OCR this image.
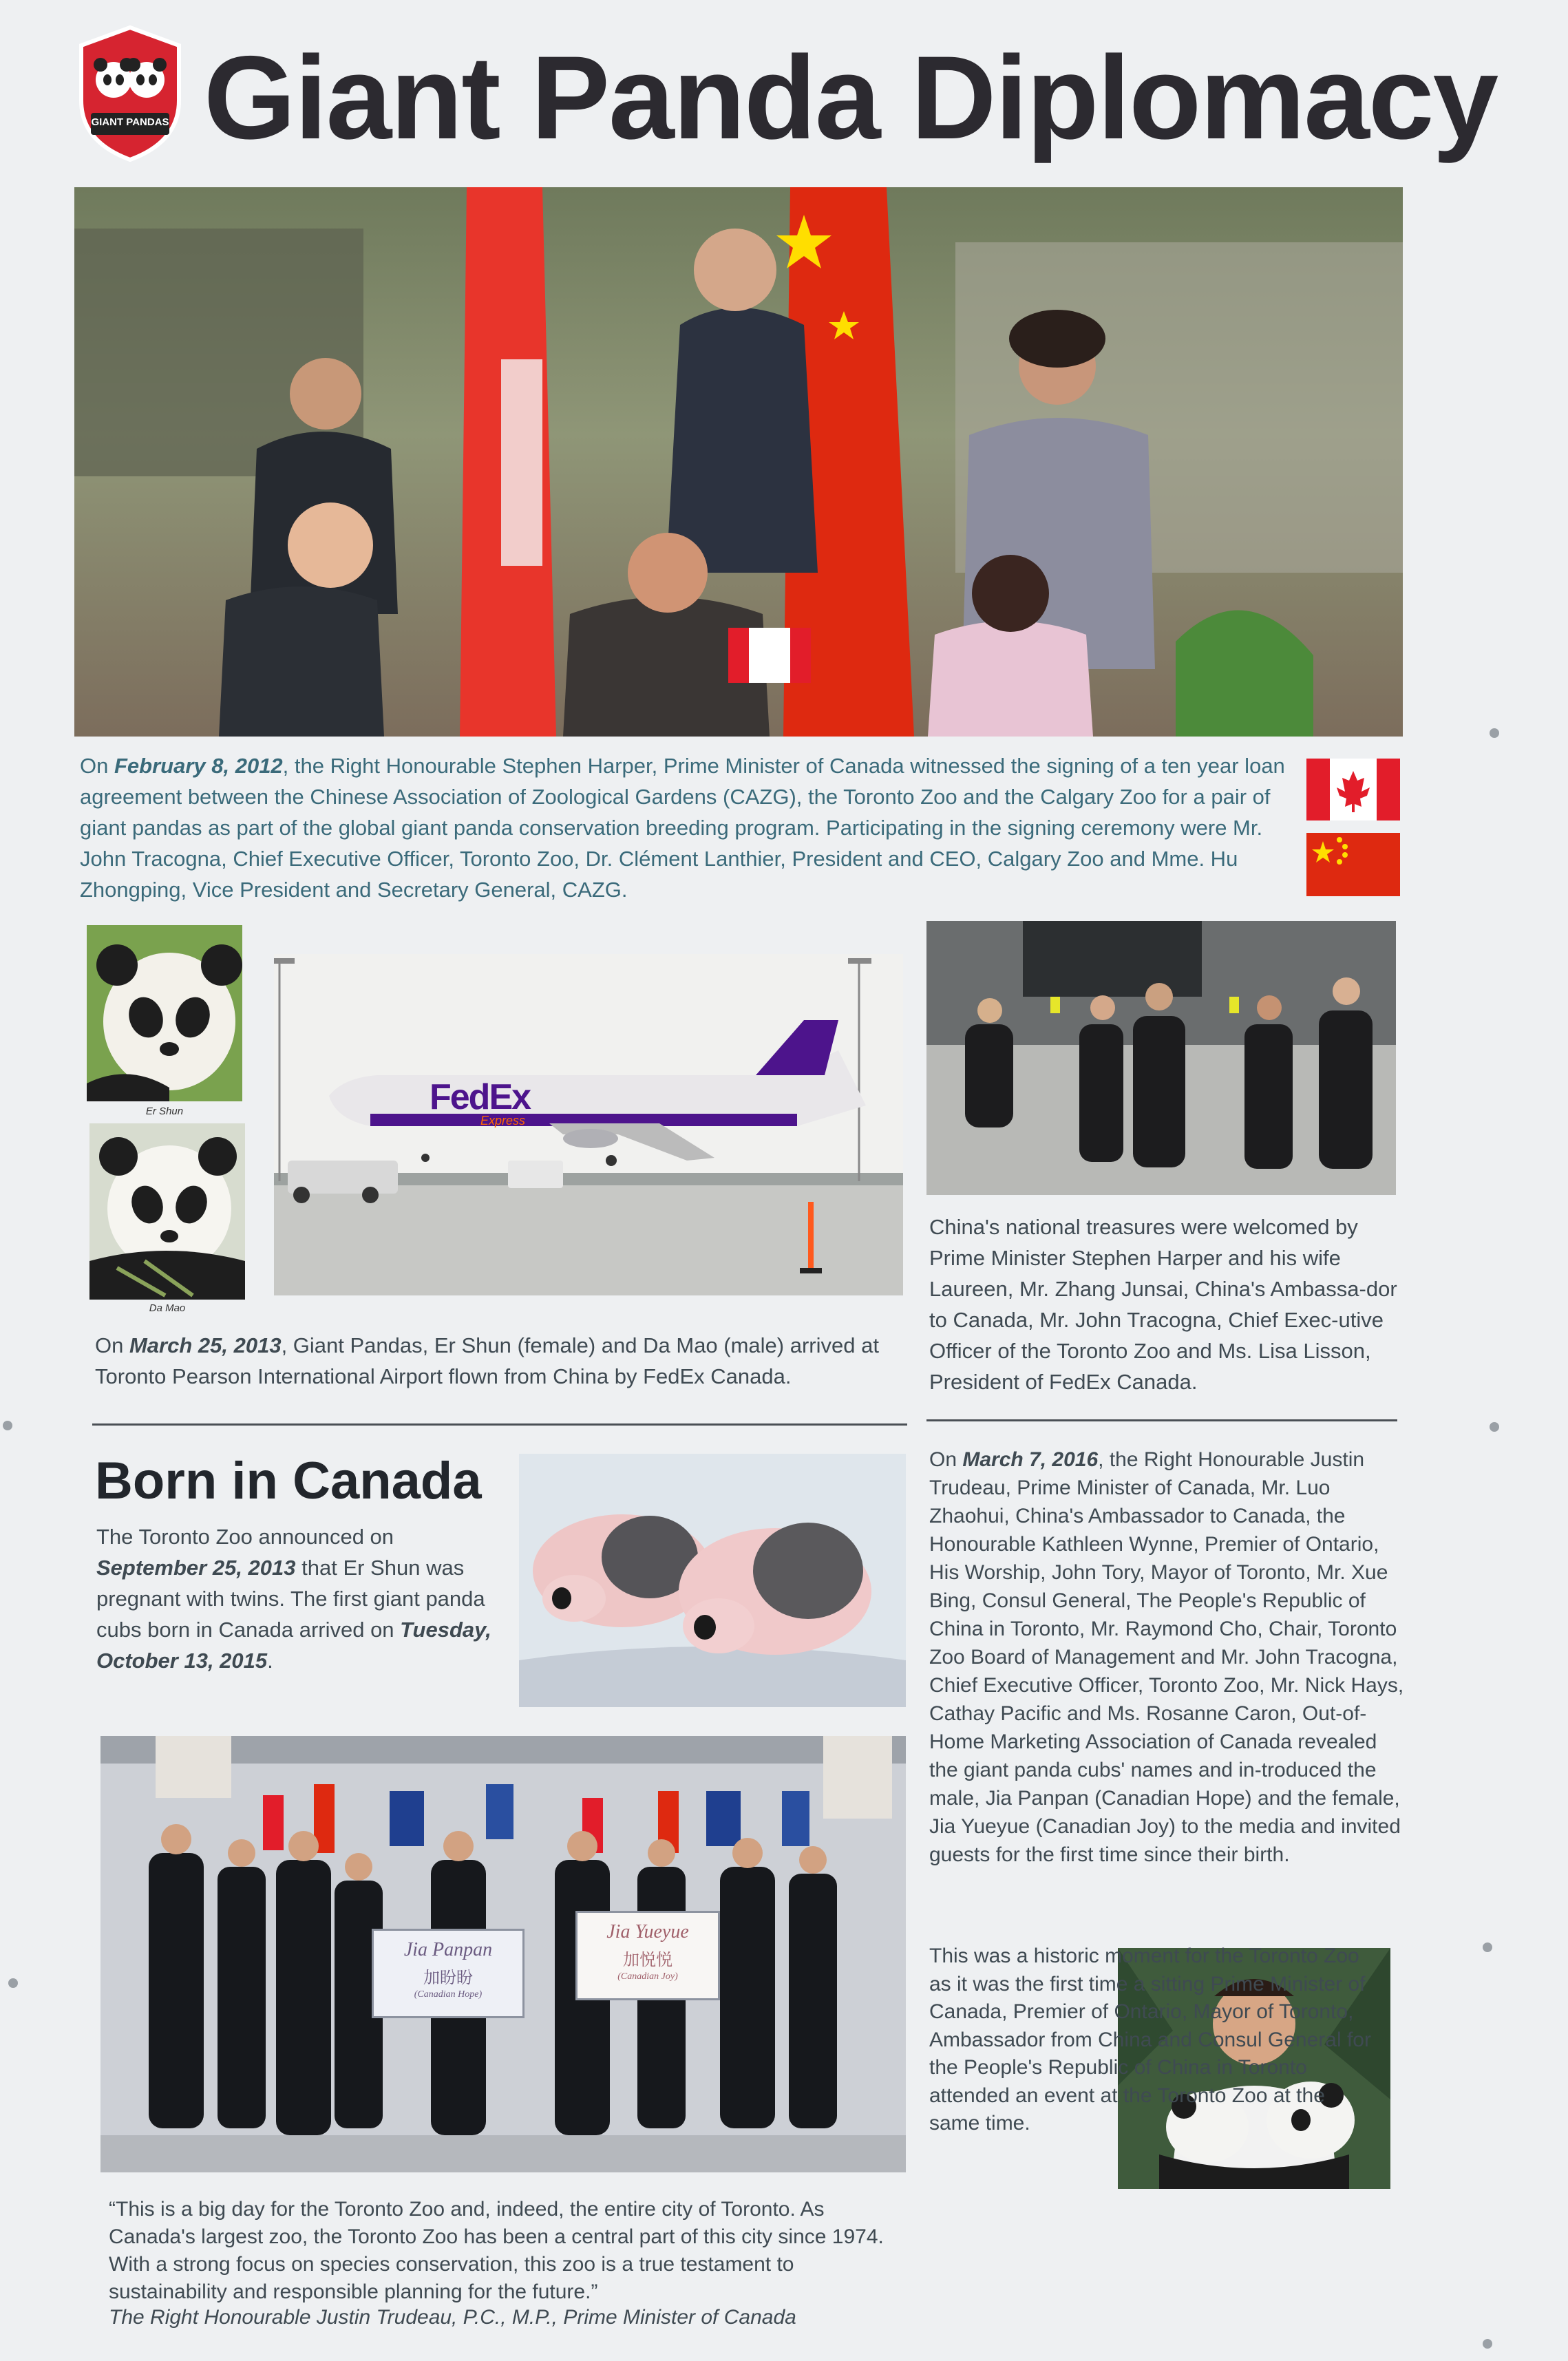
GIANT PANDAS Giant Panda Diplomacy

On February 8, 2012, the Right Honourable Stephen Harper, Prime Minister of Canada witnessed the signing of a ten year loan agreement between the Chinese Association of Zoological Gardens (CAZG), the Toronto Zoo and the Calgary Zoo for a pair of giant pandas as part of the global giant panda conservation breeding program. Participating in the signing ceremony were Mr. John Tracogna, Chief Executive Officer, Toronto Zoo, Dr. Clément Lanthier, President and CEO, Calgary Zoo and Mme. Hu Zhongping, Vice President and Secretary General, CAZG.

Er Shun
Da Mao
FedEx
Express

On March 25, 2013, Giant Pandas, Er Shun (female) and Da Mao (male) arrived at Toronto Pearson International Airport flown from China by FedEx Canada.

China's national treasures were welcomed by Prime Minister Stephen Harper and his wife Laureen, Mr. Zhang Junsai, China's Ambassa-dor to Canada, Mr. John Tracogna, Chief Exec-utive Officer of the Toronto Zoo and Ms. Lisa Lisson, President of FedEx Canada.

Born in Canada

The Toronto Zoo announced on September 25, 2013 that Er Shun was pregnant with twins. The first giant panda cubs born in Canada arrived on Tuesday, October 13, 2015.

Jia Panpan
加盼盼
(Canadian Hope)
Jia Yueyue
加悦悦
(Canadian Joy)

On March 7, 2016, the Right Honourable Justin Trudeau, Prime Minister of Canada, Mr. Luo Zhaohui, China's Ambassador to Canada, the Honourable Kathleen Wynne, Premier of Ontario, His Worship, John Tory, Mayor of Toronto, Mr. Xue Bing, Consul General, The People's Republic of China in Toronto, Mr. Raymond Cho, Chair, Toronto Zoo Board of Management and Mr. John Tracogna, Chief Executive Officer, Toronto Zoo, Mr. Nick Hays, Cathay Pacific and Ms. Rosanne Caron, Out-of-Home Marketing Association of Canada revealed the giant panda cubs' names and in-troduced the male, Jia Panpan (Canadian Hope) and the female, Jia Yueyue (Canadian Joy) to the media and invited guests for the first time since their birth.

This was a historic moment for the Toronto Zoo as it was the first time a sitting Prime Minister of Canada, Premier of Ontario, Mayor of Toronto, Ambassador from China and Consul General for the People's Republic of China in Toronto attended an event at the Toronto Zoo at the same time.

“This is a big day for the Toronto Zoo and, indeed, the entire city of Toronto. As Canada's largest zoo, the Toronto Zoo has been a central part of this city since 1974. With a strong focus on species conservation, this zoo is a true testament to sustainability and responsible planning for the future.”

The Right Honourable Justin Trudeau, P.C., M.P., Prime Minister of Canada
